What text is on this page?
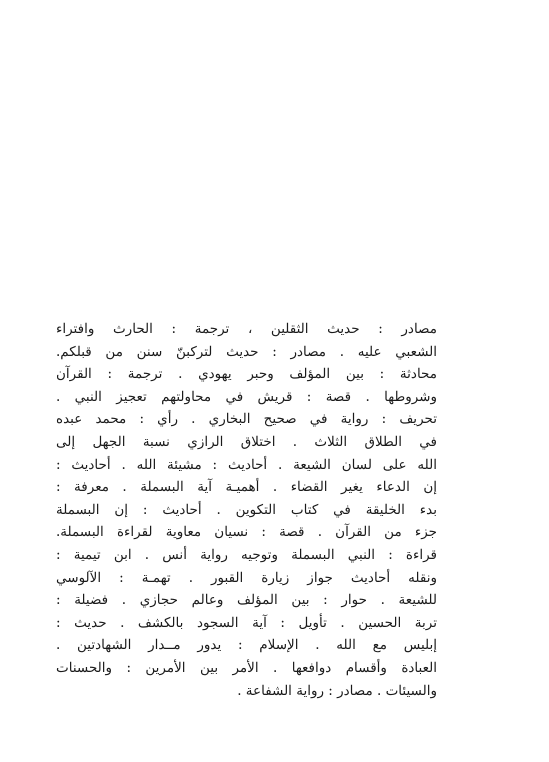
مصادر : حديث الثقلين ، ترجمة : الحارث وافتراء
الشعبي عليه . مصادر : حديث لتركبنّ سنن من قبلكم.
محادثة : بين المؤلف وحبر يهودي . ترجمة : القرآن
وشروطها . قصة : قريش في محاولتهم تعجيز النبي .
تحريف : رواية في صحيح البخاري . رأي : محمد عبده
في الطلاق الثلاث . اختلاق الرازي نسبة الجهل إلى
الله على لسان الشيعة . أحاديث : مشيئة الله . أحاديث :
إن الدعاء يغير القضاء . أهميـة آية البسملة . معرفة :
بدء الخليقة في كتاب التكوين . أحاديث : إن البسملة
جزء من القرآن . قصة : نسيان معاوية لقراءة البسملة.
قراءة : النبي البسملة وتوجيه رواية أنس . ابن تيمية :
ونقله أحاديث جواز زيارة القبور . تهمـة : الآلوسي
للشيعة . حوار : بين المؤلف وعالم حجازي . فضيلة :
تربة الحسين . تأويل : آية السجود بالكشف . حديث :
إبليس مع الله . الإسلام : يدور مــدار الشهادتين .
العبادة وأقسام دوافعها . الأمر بين الأمرين : والحسنات
والسيئات . مصادر : رواية الشفاعة .
